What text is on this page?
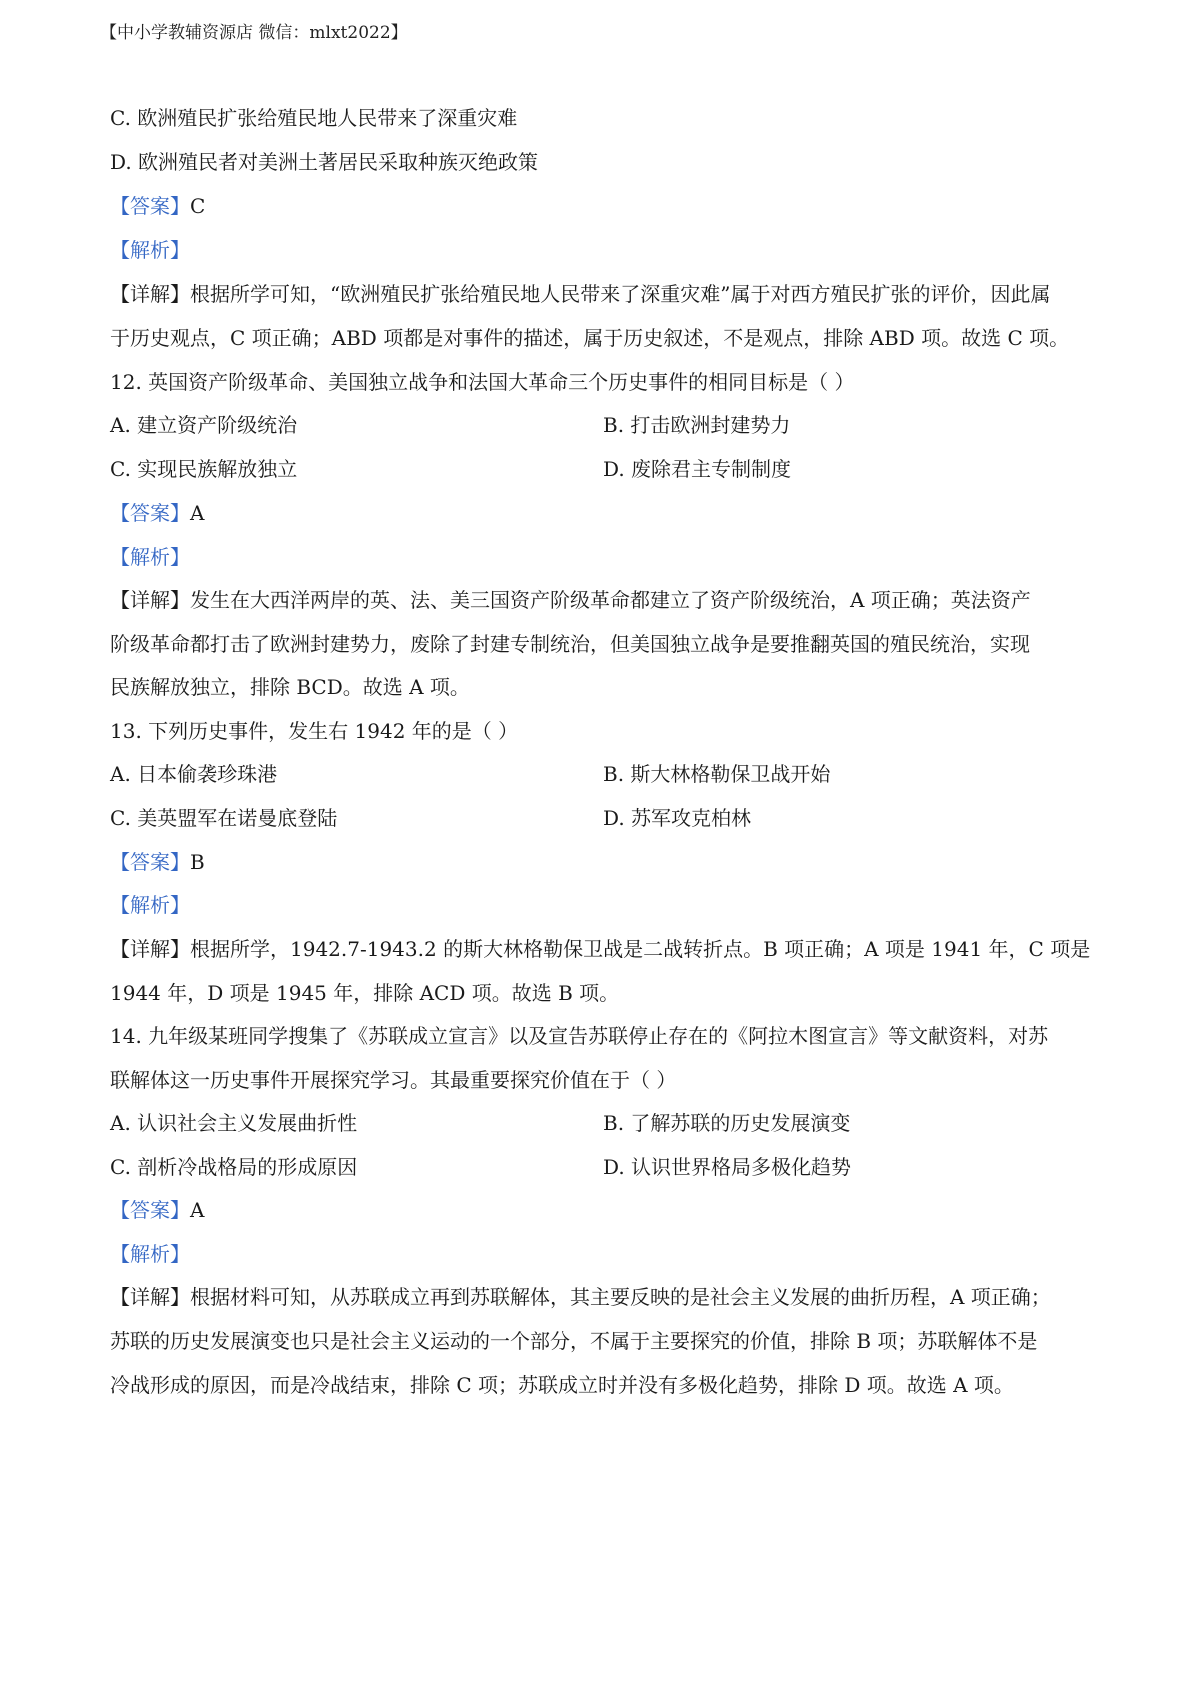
【中小学教辅资源店 微信：mlxt2022】
C. 欧洲殖民扩张给殖民地人民带来了深重灾难
D. 欧洲殖民者对美洲土著居民采取种族灭绝政策
【答案】C
【解析】
【详解】根据所学可知，“欧洲殖民扩张给殖民地人民带来了深重灾难”属于对西方殖民扩张的评价，因此属
于历史观点，C 项正确；ABD 项都是对事件的描述，属于历史叙述，不是观点，排除 ABD 项。故选 C 项。
12. 英国资产阶级革命、美国独立战争和法国大革命三个历史事件的相同目标是（ ）
A. 建立资产阶级统治	B. 打击欧洲封建势力
C. 实现民族解放独立	D. 废除君主专制制度
【答案】A
【解析】
【详解】发生在大西洋两岸的英、法、美三国资产阶级革命都建立了资产阶级统治，A 项正确；英法资产
阶级革命都打击了欧洲封建势力，废除了封建专制统治，但美国独立战争是要推翻英国的殖民统治，实现
民族解放独立，排除 BCD。故选 A 项。
13. 下列历史事件，发生右 1942 年的是（ ）
A. 日本偷袭珍珠港	B. 斯大林格勒保卫战开始
C. 美英盟军在诺曼底登陆	D. 苏军攻克柏林
【答案】B
【解析】
【详解】根据所学，1942.7-1943.2 的斯大林格勒保卫战是二战转折点。B 项正确；A 项是 1941 年，C 项是
1944 年，D 项是 1945 年，排除 ACD 项。故选 B 项。
14. 九年级某班同学搜集了《苏联成立宣言》以及宣告苏联停止存在的《阿拉木图宣言》等文献资料，对苏
联解体这一历史事件开展探究学习。其最重要探究价值在于（ ）
A. 认识社会主义发展曲折性	B. 了解苏联的历史发展演变
C. 剖析冷战格局的形成原因	D. 认识世界格局多极化趋势
【答案】A
【解析】
【详解】根据材料可知，从苏联成立再到苏联解体，其主要反映的是社会主义发展的曲折历程，A 项正确；
苏联的历史发展演变也只是社会主义运动的一个部分，不属于主要探究的价值，排除 B 项；苏联解体不是
冷战形成的原因，而是冷战结束，排除 C 项；苏联成立时并没有多极化趋势，排除 D 项。故选 A 项。
